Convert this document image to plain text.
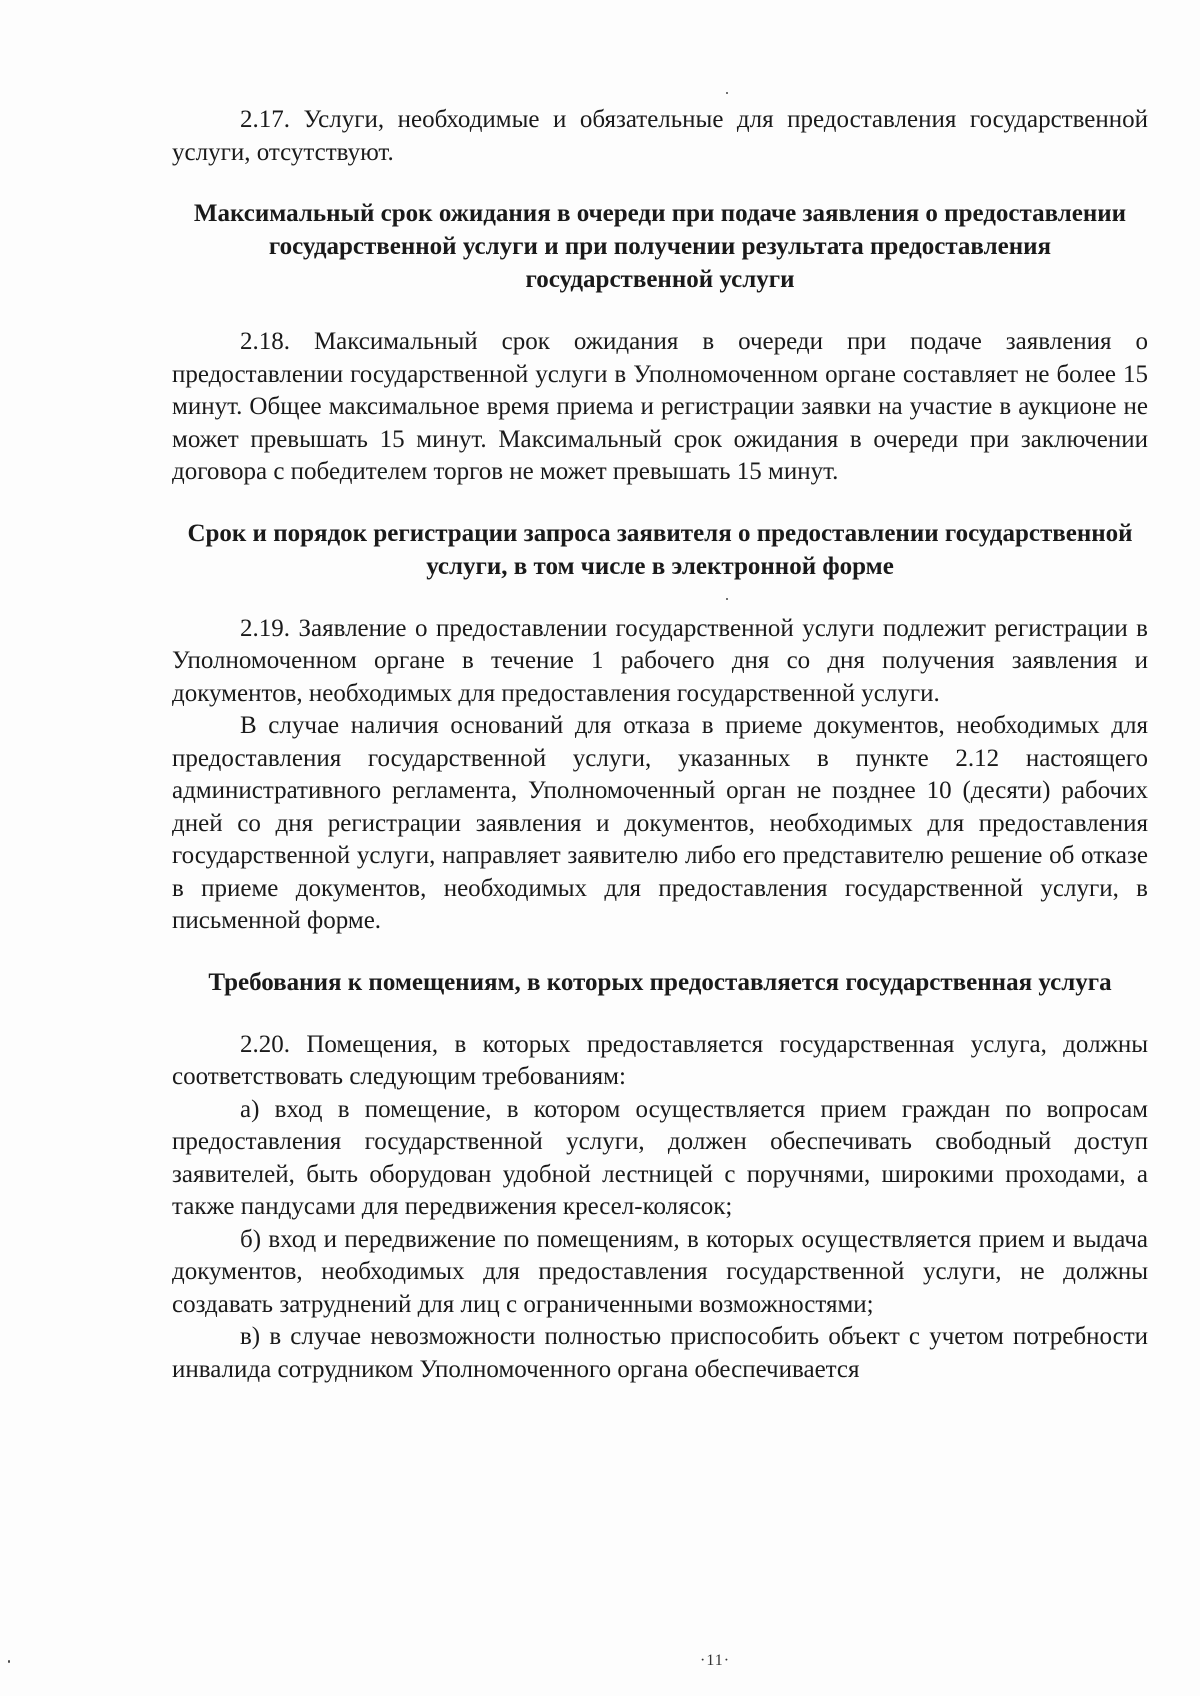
2.17. Услуги, необходимые и обязательные для предоставления государственной услуги, отсутствуют.

Максимальный срок ожидания в очереди при подаче заявления о предоставлении государственной услуги и при получении результата предоставления государственной услуги

2.18. Максимальный срок ожидания в очереди при подаче заявления о предоставлении государственной услуги в Уполномоченном органе составляет не более 15 минут. Общее максимальное время приема и регистрации заявки на участие в аукционе не может превышать 15 минут. Максимальный срок ожидания в очереди при заключении договора с победителем торгов не может превышать 15 минут.

Срок и порядок регистрации запроса заявителя о предоставлении государственной услуги, в том числе в электронной форме

2.19. Заявление о предоставлении государственной услуги подлежит регистрации в Уполномоченном органе в течение 1 рабочего дня со дня получения заявления и документов, необходимых для предоставления государственной услуги.

В случае наличия оснований для отказа в приеме документов, необходимых для предоставления государственной услуги, указанных в пункте 2.12 настоящего административного регламента, Уполномоченный орган не позднее 10 (десяти) рабочих дней со дня регистрации заявления и документов, необходимых для предоставления государственной услуги, направляет заявителю либо его представителю решение об отказе в приеме документов, необходимых для предоставления государственной услуги, в письменной форме.

Требования к помещениям, в которых предоставляется государственная услуга

2.20. Помещения, в которых предоставляется государственная услуга, должны соответствовать следующим требованиям:

а) вход в помещение, в котором осуществляется прием граждан по вопросам предоставления государственной услуги, должен обеспечивать свободный доступ заявителей, быть оборудован удобной лестницей с поручнями, широкими проходами, а также пандусами для передвижения кресел-колясок;

б) вход и передвижение по помещениям, в которых осуществляется прием и выдача документов, необходимых для предоставления государственной услуги, не должны создавать затруднений для лиц с ограниченными возможностями;

в) в случае невозможности полностью приспособить объект с учетом потребности инвалида сотрудником Уполномоченного органа обеспечивается

·11·
